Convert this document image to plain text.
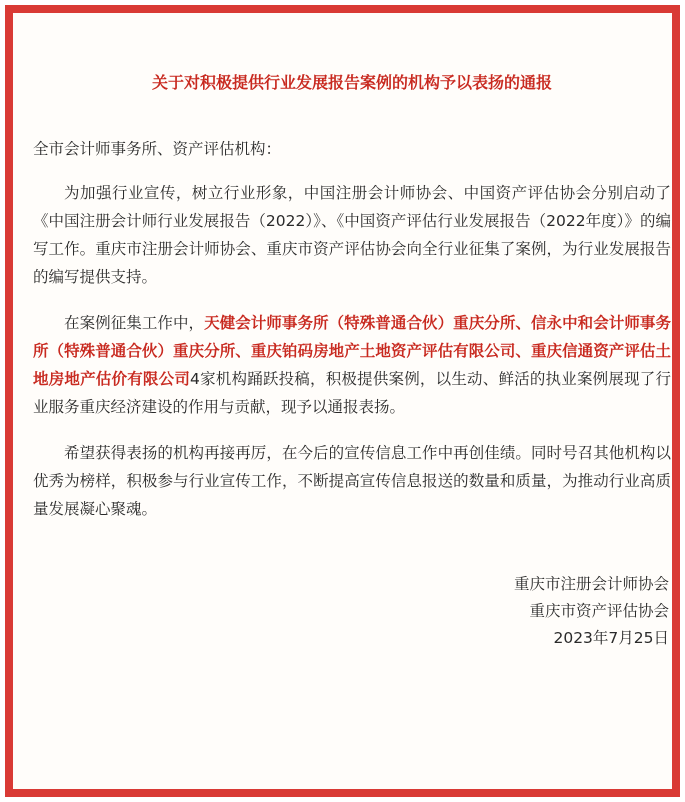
关于对积极提供行业发展报告案例的机构予以表扬的通报
全市会计师事务所、资产评估机构：
为加强行业宣传，树立行业形象，中国注册会计师协会、中国资产评估协会分别启动了《中国注册会计师行业发展报告（2022）》、《中国资产评估行业发展报告（2022年度）》的编写工作。重庆市注册会计师协会、重庆市资产评估协会向全行业征集了案例，为行业发展报告的编写提供支持。
在案例征集工作中，天健会计师事务所（特殊普通合伙）重庆分所、信永中和会计师事务所（特殊普通合伙）重庆分所、重庆铂码房地产土地资产评估有限公司、重庆信通资产评估土地房地产估价有限公司4家机构踊跃投稿，积极提供案例，以生动、鲜活的执业案例展现了行业服务重庆经济建设的作用与贡献，现予以通报表扬。
希望获得表扬的机构再接再厉，在今后的宣传信息工作中再创佳绩。同时号召其他机构以优秀为榜样，积极参与行业宣传工作，不断提高宣传信息报送的数量和质量，为推动行业高质量发展凝心聚魂。
重庆市注册会计师协会
重庆市资产评估协会
2023年7月25日
